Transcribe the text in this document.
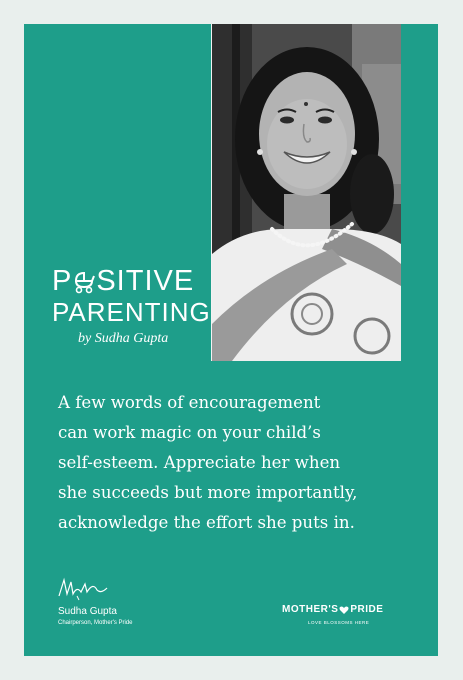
P SITIVE
PARENTING
by Sudha Gupta
A few words of encouragement
can work magic on your child’s
self-esteem. Appreciate her when
she succeeds but more importantly,
acknowledge the effort she puts in.
Sudha Gupta
Chairperson, Mother's Pride
MOTHER'S PRIDE
LOVE BLOSSOMS HERE
